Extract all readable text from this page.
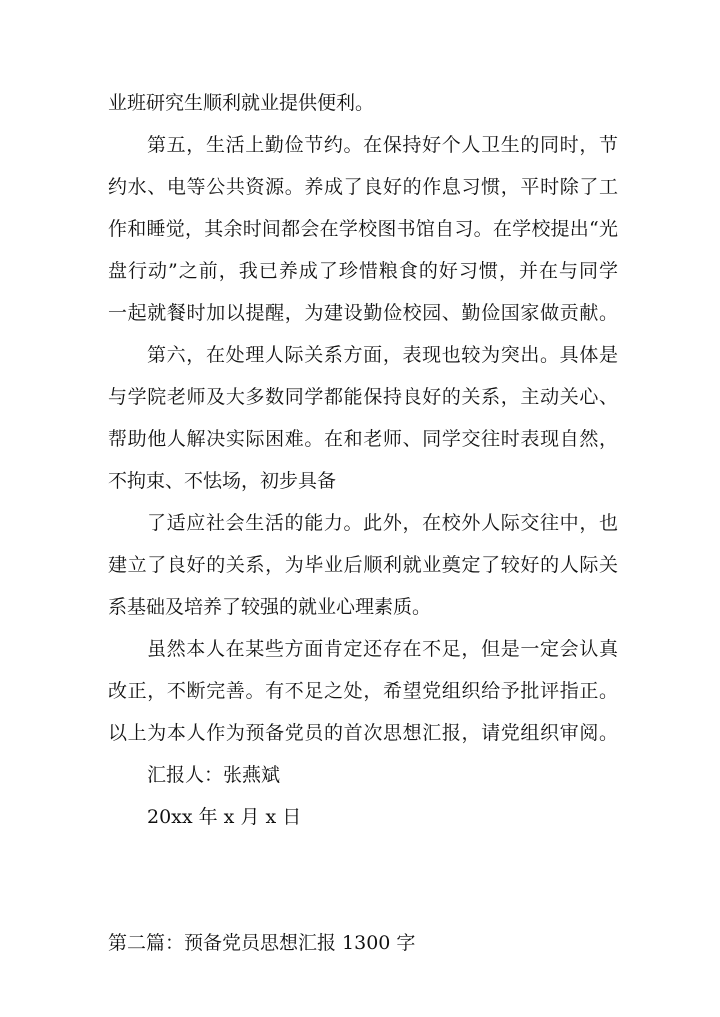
业班研究生顺利就业提供便利。
第五，生活上勤俭节约。在保持好个人卫生的同时，节
约水、电等公共资源。养成了良好的作息习惯，平时除了工
作和睡觉，其余时间都会在学校图书馆自习。在学校提出“光
盘行动”之前，我已养成了珍惜粮食的好习惯，并在与同学
一起就餐时加以提醒，为建设勤俭校园、勤俭国家做贡献。
第六，在处理人际关系方面，表现也较为突出。具体是
与学院老师及大多数同学都能保持良好的关系，主动关心、
帮助他人解决实际困难。在和老师、同学交往时表现自然，
不拘束、不怯场，初步具备
了适应社会生活的能力。此外，在校外人际交往中，也
建立了良好的关系，为毕业后顺利就业奠定了较好的人际关
系基础及培养了较强的就业心理素质。
虽然本人在某些方面肯定还存在不足，但是一定会认真
改正，不断完善。有不足之处，希望党组织给予批评指正。
以上为本人作为预备党员的首次思想汇报，请党组织审阅。
汇报人：张燕斌
20xx 年 x 月 x 日
第二篇：预备党员思想汇报 1300 字
